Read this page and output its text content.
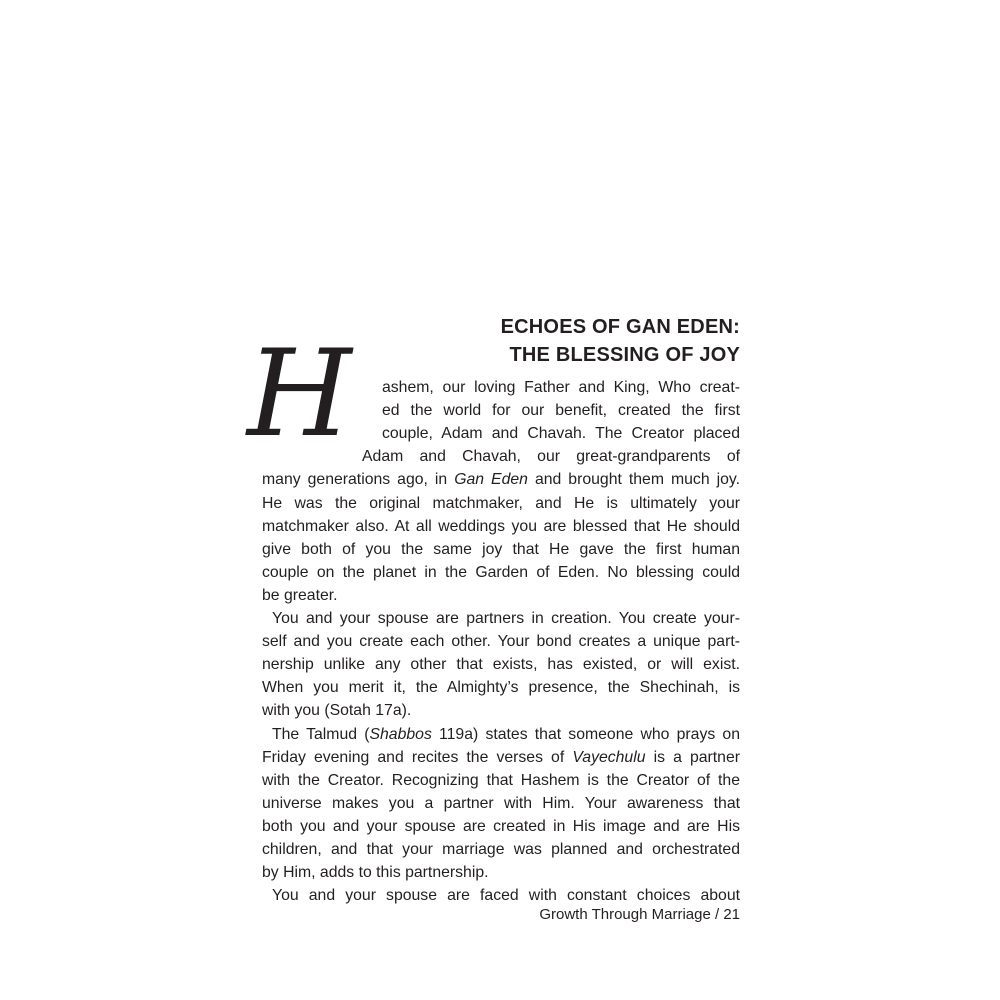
ECHOES OF GAN EDEN:
THE BLESSING OF JOY
H	ashem, our loving Father and King, Who creat-
ed the world for our benefit, created the first
couple, Adam and Chavah. The Creator placed
Adam and Chavah, our great-grandparents of
many generations ago, in Gan Eden and brought them much joy.
He was the original matchmaker, and He is ultimately your
matchmaker also. At all weddings you are blessed that He should
give both of you the same joy that He gave the first human
couple on the planet in the Garden of Eden. No blessing could
be greater.
You and your spouse are partners in creation. You create your-
self and you create each other. Your bond creates a unique part-
nership unlike any other that exists, has existed, or will exist.
When you merit it, the Almighty’s presence, the Shechinah, is
with you (Sotah 17a).
The Talmud (Shabbos 119a) states that someone who prays on
Friday evening and recites the verses of Vayechulu is a partner
with the Creator. Recognizing that Hashem is the Creator of the
universe makes you a partner with Him. Your awareness that
both you and your spouse are created in His image and are His
children, and that your marriage was planned and orchestrated
by Him, adds to this partnership.
You and your spouse are faced with constant choices about
Growth Through Marriage / 21
